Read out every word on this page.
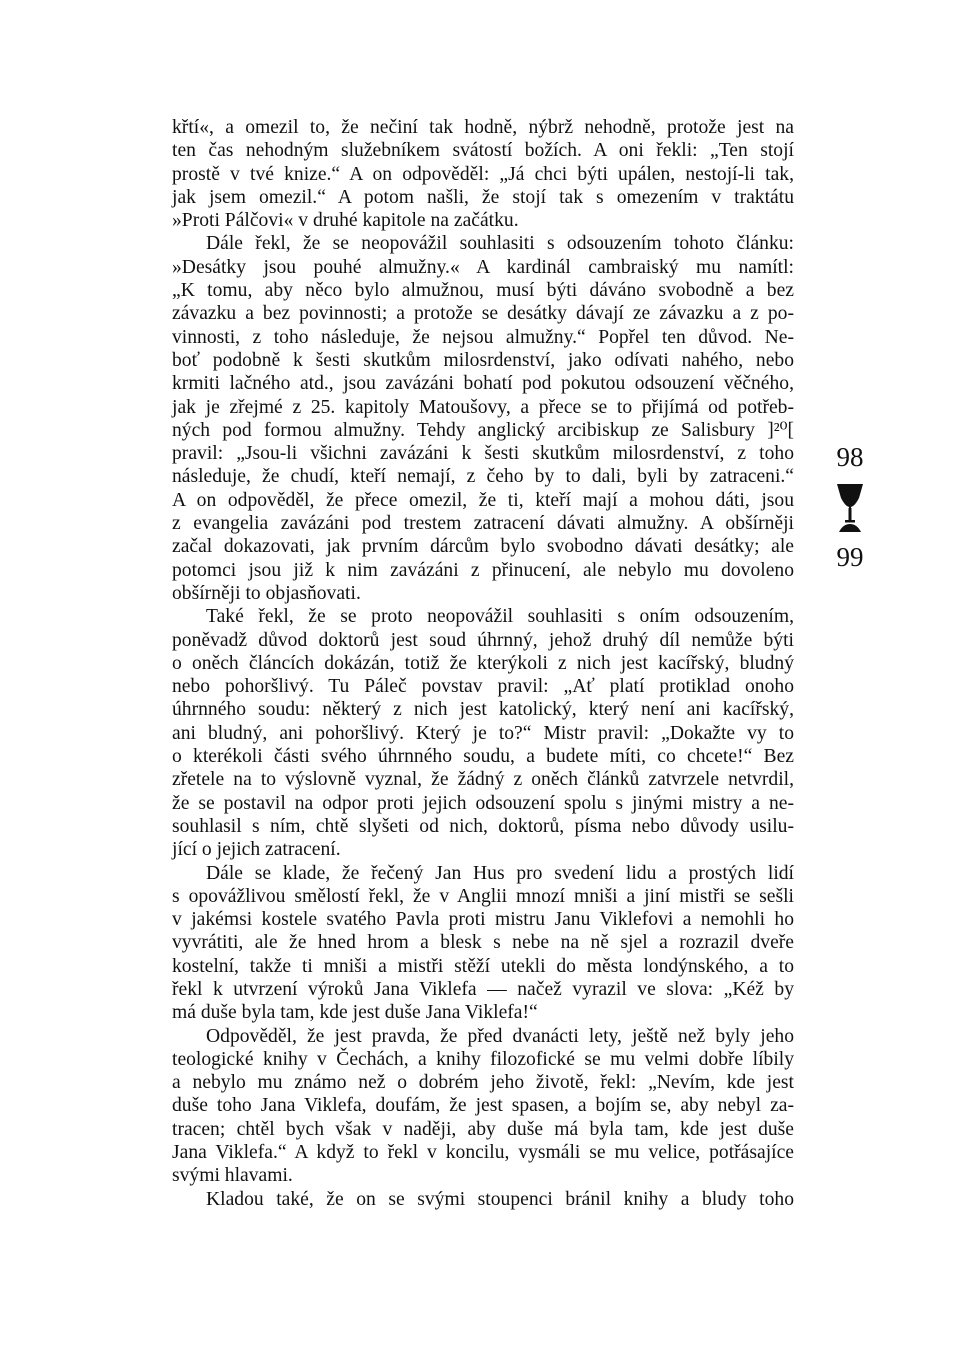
křtí«, a omezil to, že nečiní tak hodně, nýbrž nehodně, protože jest na
ten čas nehodným služebníkem svátostí božích. A oni řekli: „Ten stojí
prostě v tvé knize.“ A on odpověděl: „Já chci býti upálen, nestojí-li tak,
jak jsem omezil.“ A potom našli, že stojí tak s omezením v traktátu
»Proti Pálčovi« v druhé kapitole na začátku.
Dále řekl, že se neopovážil souhlasiti s odsouzením tohoto článku:
»Desátky jsou pouhé almužny.« A kardinál cambraiský mu namítl:
„K tomu, aby něco bylo almužnou, musí býti dáváno svobodně a bez
závazku a bez povinnosti; a protože se desátky dávají ze závazku a z po-
vinnosti, z toho následuje, že nejsou almužny.“ Popřel ten důvod. Ne-
boť podobně k šesti skutkům milosrdenství, jako odívati nahého, nebo
krmiti lačného atd., jsou zavázáni bohatí pod pokutou odsouzení věčného,
jak je zřejmé z 25. kapitoly Matoušovy, a přece se to přijímá od potřeb-
ných pod formou almužny. Tehdy anglický arcibiskup ze Salisbury ]²⁰[
pravil: „Jsou-li všichni zavázáni k šesti skutkům milosrdenství, z toho
následuje, že chudí, kteří nemají, z čeho by to dali, byli by zatraceni.“
A on odpověděl, že přece omezil, že ti, kteří mají a mohou dáti, jsou
z evangelia zavázáni pod trestem zatracení dávati almužny. A obšírněji
začal dokazovati, jak prvním dárcům bylo svobodno dávati desátky; ale
potomci jsou již k nim zavázáni z přinucení, ale nebylo mu dovoleno
obšírněji to objasňovati.
Také řekl, že se proto neopovážil souhlasiti s oním odsouzením,
poněvadž důvod doktorů jest soud úhrnný, jehož druhý díl nemůže býti
o oněch článcích dokázán, totiž že kterýkoli z nich jest kacířský, bludný
nebo pohoršlivý. Tu Páleč povstav pravil: „Ať platí protiklad onoho
úhrnného soudu: některý z nich jest katolický, který není ani kacířský,
ani bludný, ani pohoršlivý. Který je to?“ Mistr pravil: „Dokažte vy to
o kterékoli části svého úhrnného soudu, a budete míti, co chcete!“ Bez
zřetele na to výslovně vyznal, že žádný z oněch článků zatvrzele netvrdil,
že se postavil na odpor proti jejich odsouzení spolu s jinými mistry a ne-
souhlasil s ním, chtě slyšeti od nich, doktorů, písma nebo důvody usilu-
jící o jejich zatracení.
Dále se klade, že řečený Jan Hus pro svedení lidu a prostých lidí
s opovážlivou smělostí řekl, že v Anglii mnozí mniši a jiní mistři se sešli
v jakémsi kostele svatého Pavla proti mistru Janu Viklefovi a nemohli ho
vyvrátiti, ale že hned hrom a blesk s nebe na ně sjel a rozrazil dveře
kostelní, takže ti mniši a mistři stěží utekli do města londýnského, a to
řekl k utvrzení výroků Jana Viklefa — načež vyrazil ve slova: „Kéž by
má duše byla tam, kde jest duše Jana Viklefa!“
Odpověděl, že jest pravda, že před dvanácti lety, ještě než byly jeho
teologické knihy v Čechách, a knihy filozofické se mu velmi dobře líbily
a nebylo mu známo než o dobrém jeho životě, řekl: „Nevím, kde jest
duše toho Jana Viklefa, doufám, že jest spasen, a bojím se, aby nebyl za-
tracen; chtěl bych však v naději, aby duše má byla tam, kde jest duše
Jana Viklefa.“ A když to řekl v koncilu, vysmáli se mu velice, potřásajíce
svými hlavami.
Kladou také, že on se svými stoupenci bránil knihy a bludy toho
98
99
